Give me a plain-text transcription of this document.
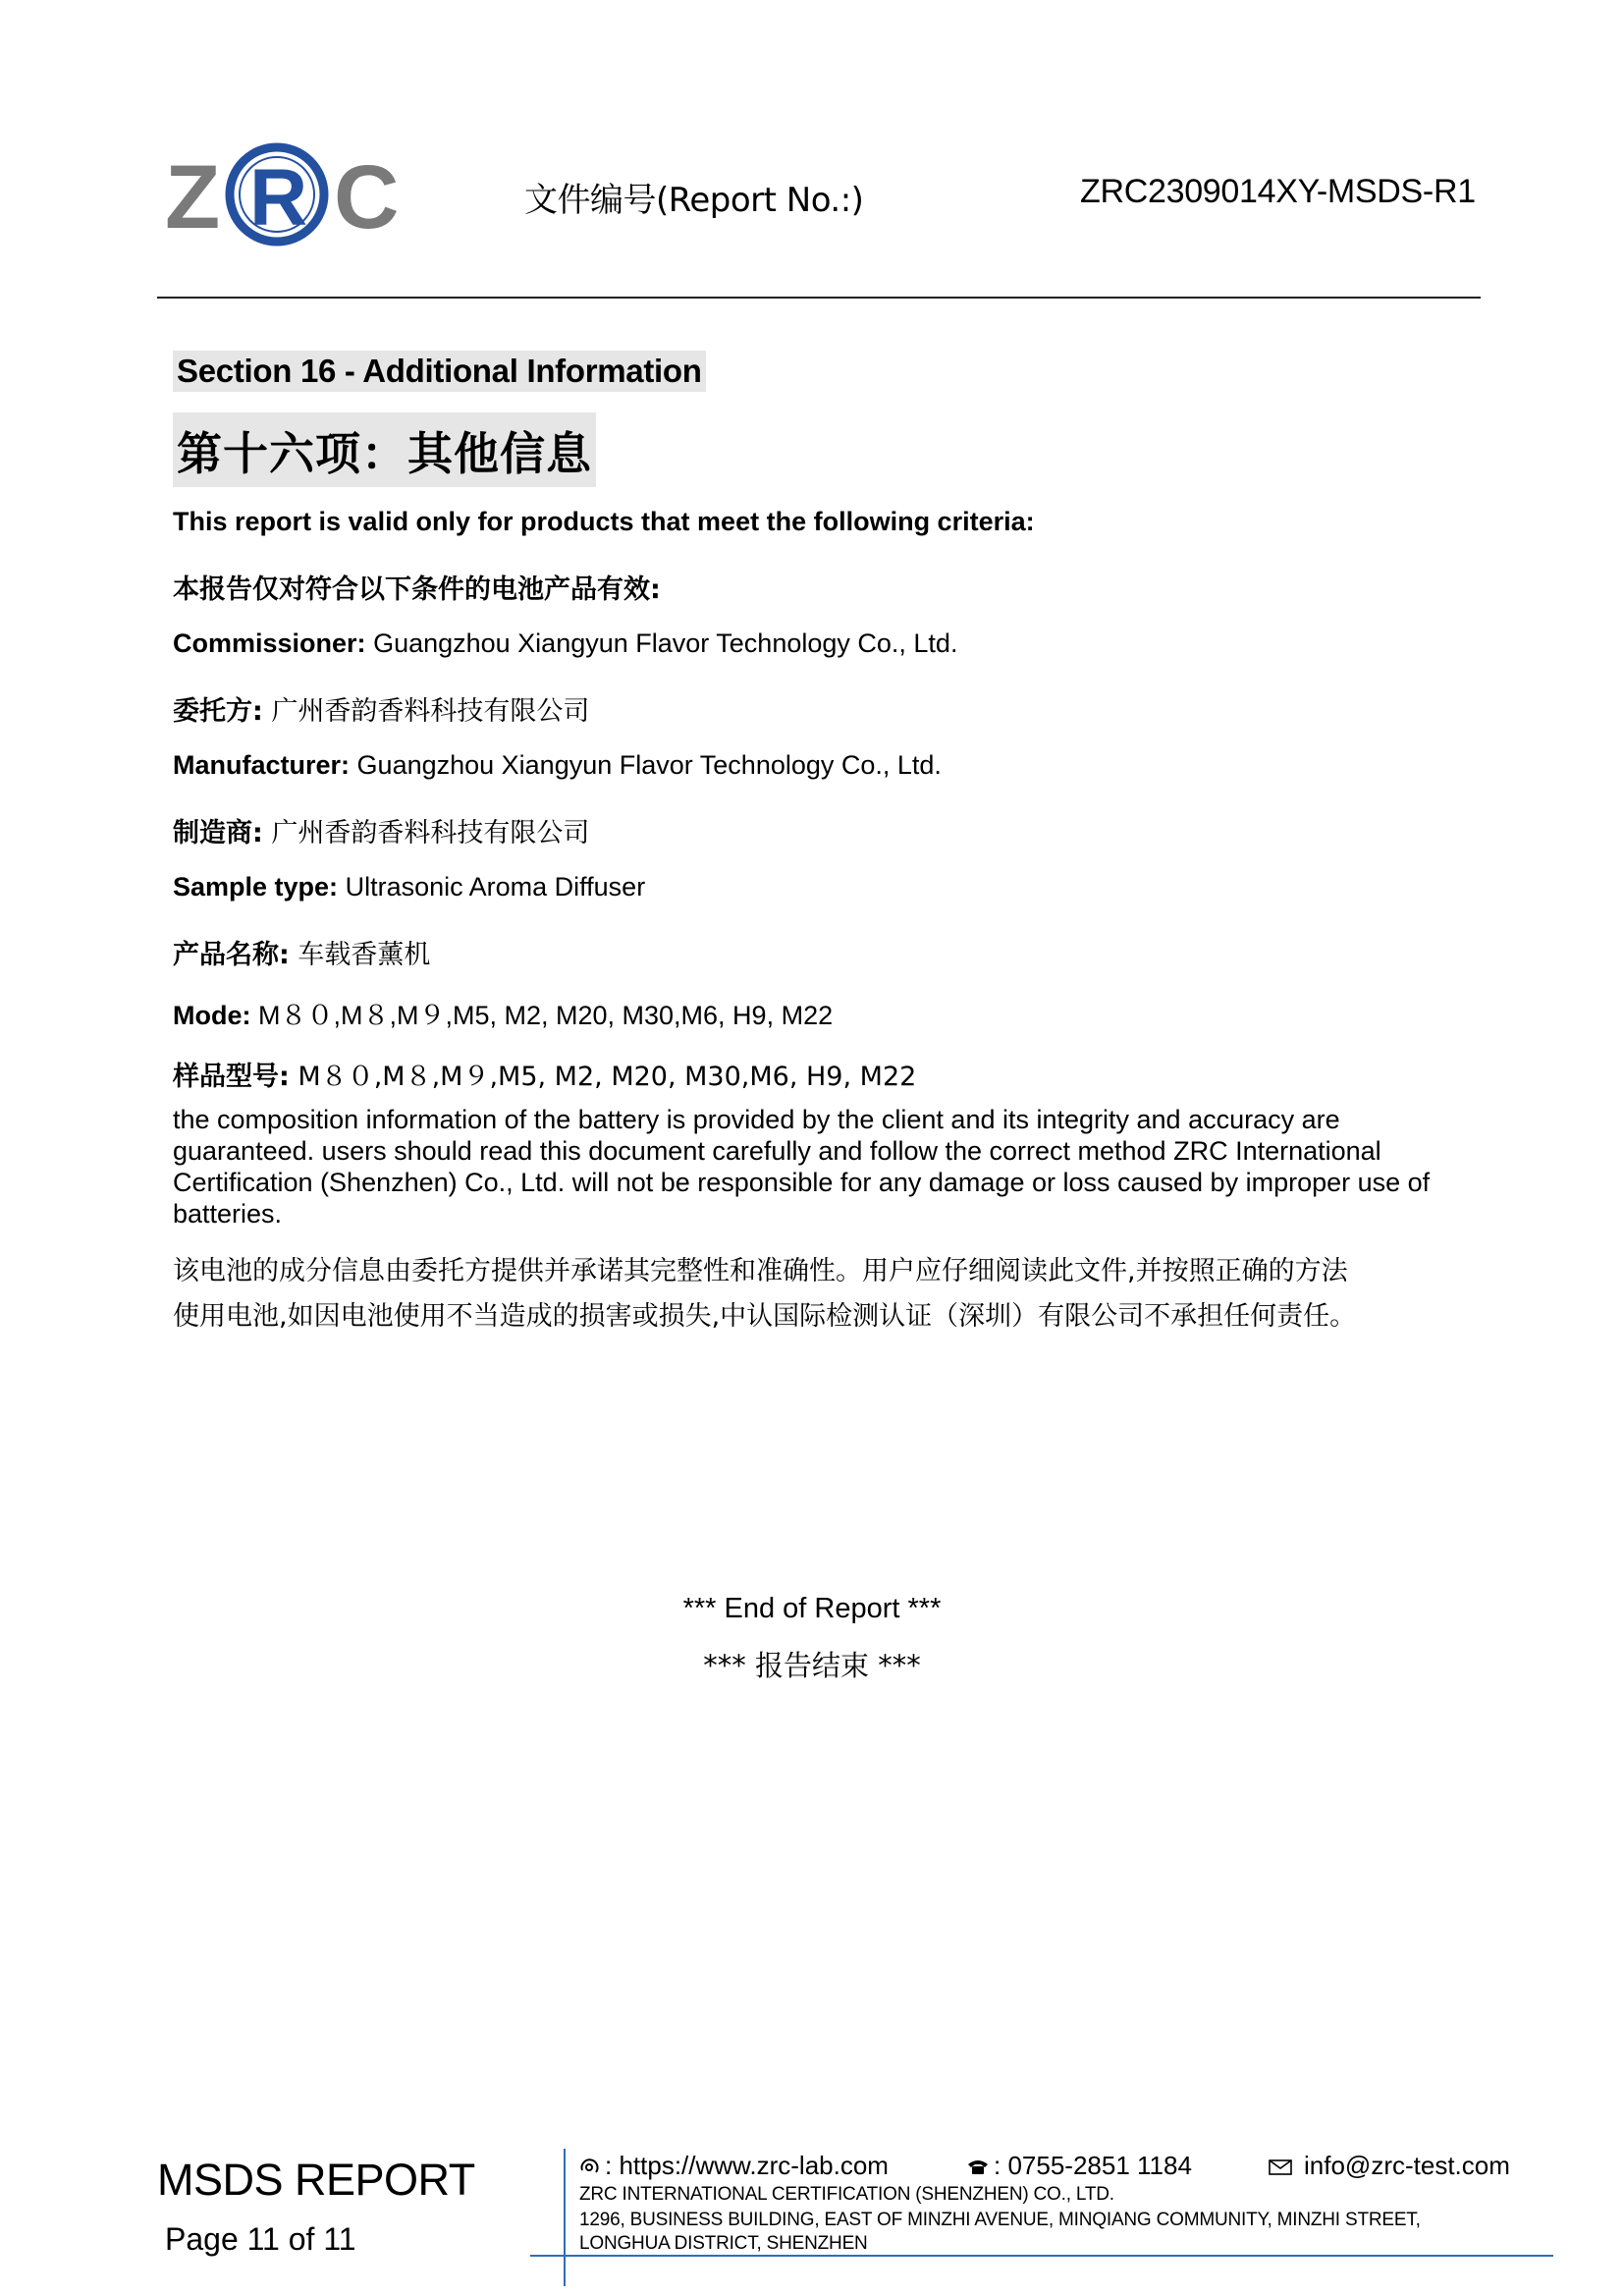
Z R C	文件编号(Report No.:)	ZRC2309014XY-MSDS-R1
Section 16 - Additional Information
第十六项：其他信息
This report is valid only for products that meet the following criteria:
本报告仅对符合以下条件的电池产品有效:
Commissioner: Guangzhou Xiangyun Flavor Technology Co., Ltd.
委托方: 广州香韵香料科技有限公司
Manufacturer: Guangzhou Xiangyun Flavor Technology Co., Ltd.
制造商: 广州香韵香料科技有限公司
Sample type: Ultrasonic Aroma Diffuser
产品名称: 车载香薰机
Mode: M８０,M８,M９,M5, M2, M20, M30,M6, H9, M22
样品型号: M８０,M８,M９,M5, M2, M20, M30,M6, H9, M22
the composition information of the battery is provided by the client and its integrity and accuracy are guaranteed. users should read this document carefully and follow the correct method ZRC International Certification (Shenzhen) Co., Ltd. will not be responsible for any damage or loss caused by improper use of batteries.
该电池的成分信息由委托方提供并承诺其完整性和准确性。用户应仔细阅读此文件,并按照正确的方法
使用电池,如因电池使用不当造成的损害或损失,中认国际检测认证（深圳）有限公司不承担任何责任。
*** End of Report ***
*** 报告结束 ***
MSDS REPORT
Page 11 of 11
: https://www.zrc-lab.com	: 0755-2851 1184	info@zrc-test.com
ZRC INTERNATIONAL CERTIFICATION (SHENZHEN) CO., LTD.
1296, BUSINESS BUILDING, EAST OF MINZHI AVENUE, MINQIANG COMMUNITY, MINZHI STREET,
LONGHUA DISTRICT, SHENZHEN
